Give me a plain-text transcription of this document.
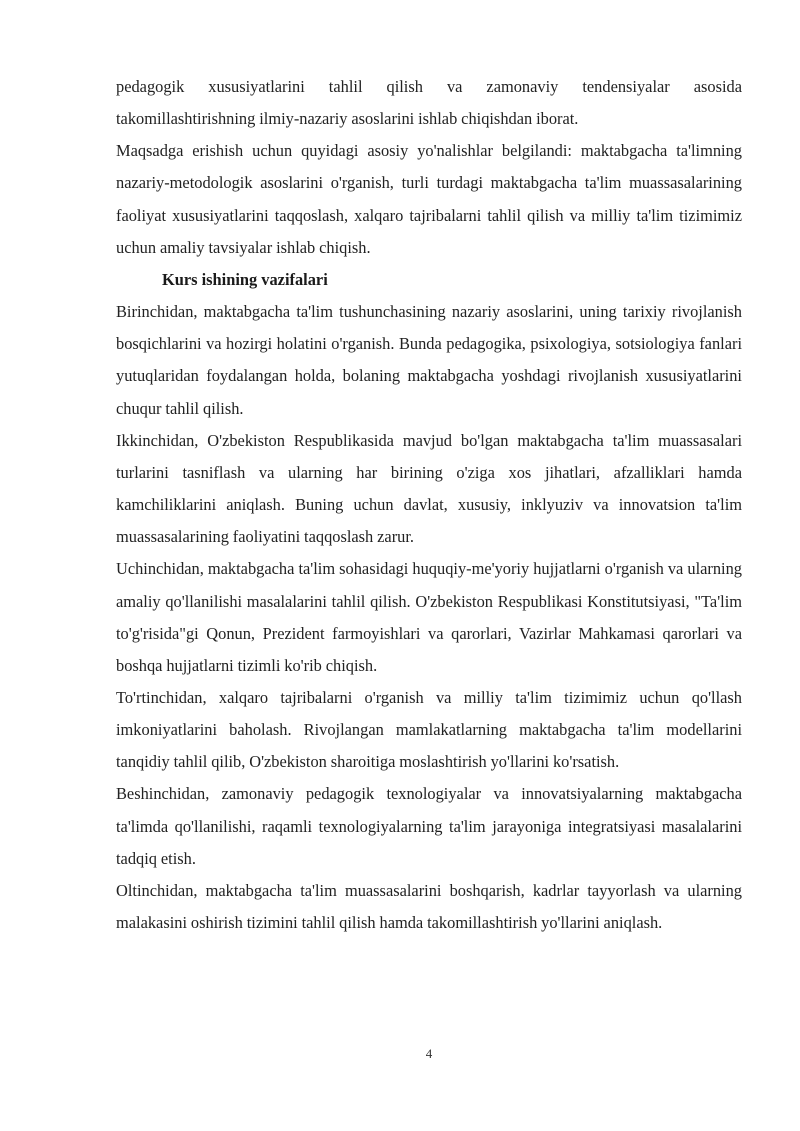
pedagogik xususiyatlarini tahlil qilish va zamonaviy tendensiyalar asosida takomillashtirishning ilmiy-nazariy asoslarini ishlab chiqishdan iborat.

Maqsadga erishish uchun quyidagi asosiy yo'nalishlar belgilandi: maktabgacha ta'limning nazariy-metodologik asoslarini o'rganish, turli turdagi maktabgacha ta'lim muassasalarining faoliyat xususiyatlarini taqqoslash, xalqaro tajribalarni tahlil qilish va milliy ta'lim tizimimiz uchun amaliy tavsiyalar ishlab chiqish.

Kurs ishining vazifalari

Birinchidan, maktabgacha ta'lim tushunchasining nazariy asoslarini, uning tarixiy rivojlanish bosqichlarini va hozirgi holatini o'rganish. Bunda pedagogika, psixologiya, sotsiologiya fanlari yutuqlaridan foydalangan holda, bolaning maktabgacha yoshdagi rivojlanish xususiyatlarini chuqur tahlil qilish.

Ikkinchidan, O'zbekiston Respublikasida mavjud bo'lgan maktabgacha ta'lim muassasalari turlarini tasniflash va ularning har birining o'ziga xos jihatlari, afzalliklari hamda kamchiliklarini aniqlash. Buning uchun davlat, xususiy, inklyuziv va innovatsion ta'lim muassasalarining faoliyatini taqqoslash zarur.

Uchinchidan, maktabgacha ta'lim sohasidagi huquqiy-me'yoriy hujjatlarni o'rganish va ularning amaliy qo'llanilishi masalalarini tahlil qilish. O'zbekiston Respublikasi Konstitutsiyasi, "Ta'lim to'g'risida"gi Qonun, Prezident farmoyishlari va qarorlari, Vazirlar Mahkamasi qarorlari va boshqa hujjatlarni tizimli ko'rib chiqish.

To'rtinchidan, xalqaro tajribalarni o'rganish va milliy ta'lim tizimimiz uchun qo'llash imkoniyatlarini baholash. Rivojlangan mamlakatlarning maktabgacha ta'lim modellarini tanqidiy tahlil qilib, O'zbekiston sharoitiga moslashtirish yo'llarini ko'rsatish.

Beshinchidan, zamonaviy pedagogik texnologiyalar va innovatsiyalarning maktabgacha ta'limda qo'llanilishi, raqamli texnologiyalarning ta'lim jarayoniga integratsiyasi masalalarini tadqiq etish.

Oltinchidan, maktabgacha ta'lim muassasalarini boshqarish, kadrlar tayyorlash va ularning malakasini oshirish tizimini tahlil qilish hamda takomillashtirish yo'llarini aniqlash.

4
